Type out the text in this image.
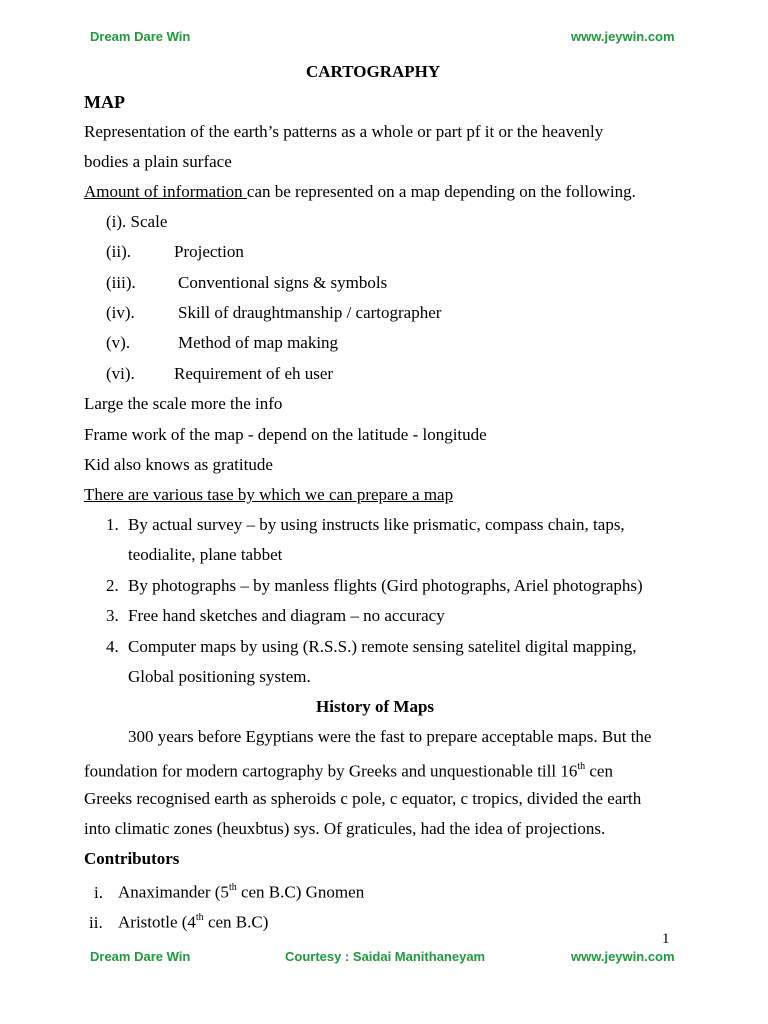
Dream Dare Win	www.jeywin.com
CARTOGRAPHY
MAP
Representation of the earth’s patterns as a whole or part pf it or the heavenly
bodies a plain surface
Amount of information can be represented on a map depending on the following.
(i). Scale
(ii).	Projection
(iii). Conventional signs & symbols
(iv).	Skill of draughtmanship / cartographer
(v).	Method of map making
(vi). Requirement of eh user
Large the scale more the info
Frame work of the map - depend on the latitude - longitude
Kid also knows as gratitude
There are various tase by which we can prepare a map
1. By actual survey – by using instructs like prismatic, compass chain, taps,
teodialite, plane tabbet
2. By photographs – by manless flights (Gird photographs, Ariel photographs)
3. Free hand sketches and diagram – no accuracy
4. Computer maps by using (R.S.S.) remote sensing satelitel digital mapping,
Global positioning system.
History of Maps
300 years before Egyptians were the fast to prepare acceptable maps. But the
foundation for modern cartography by Greeks and unquestionable till 16th cen
Greeks recognised earth as spheroids c pole, c equator, c tropics, divided the earth
into climatic zones (heuxbtus) sys. Of graticules, had the idea of projections.
Contributors
i. Anaximander (5th cen B.C) Gnomen
ii. Aristotle (4th cen B.C)
1
Dream Dare Win	Courtesy : Saidai Manithaneyam	www.jeywin.com
